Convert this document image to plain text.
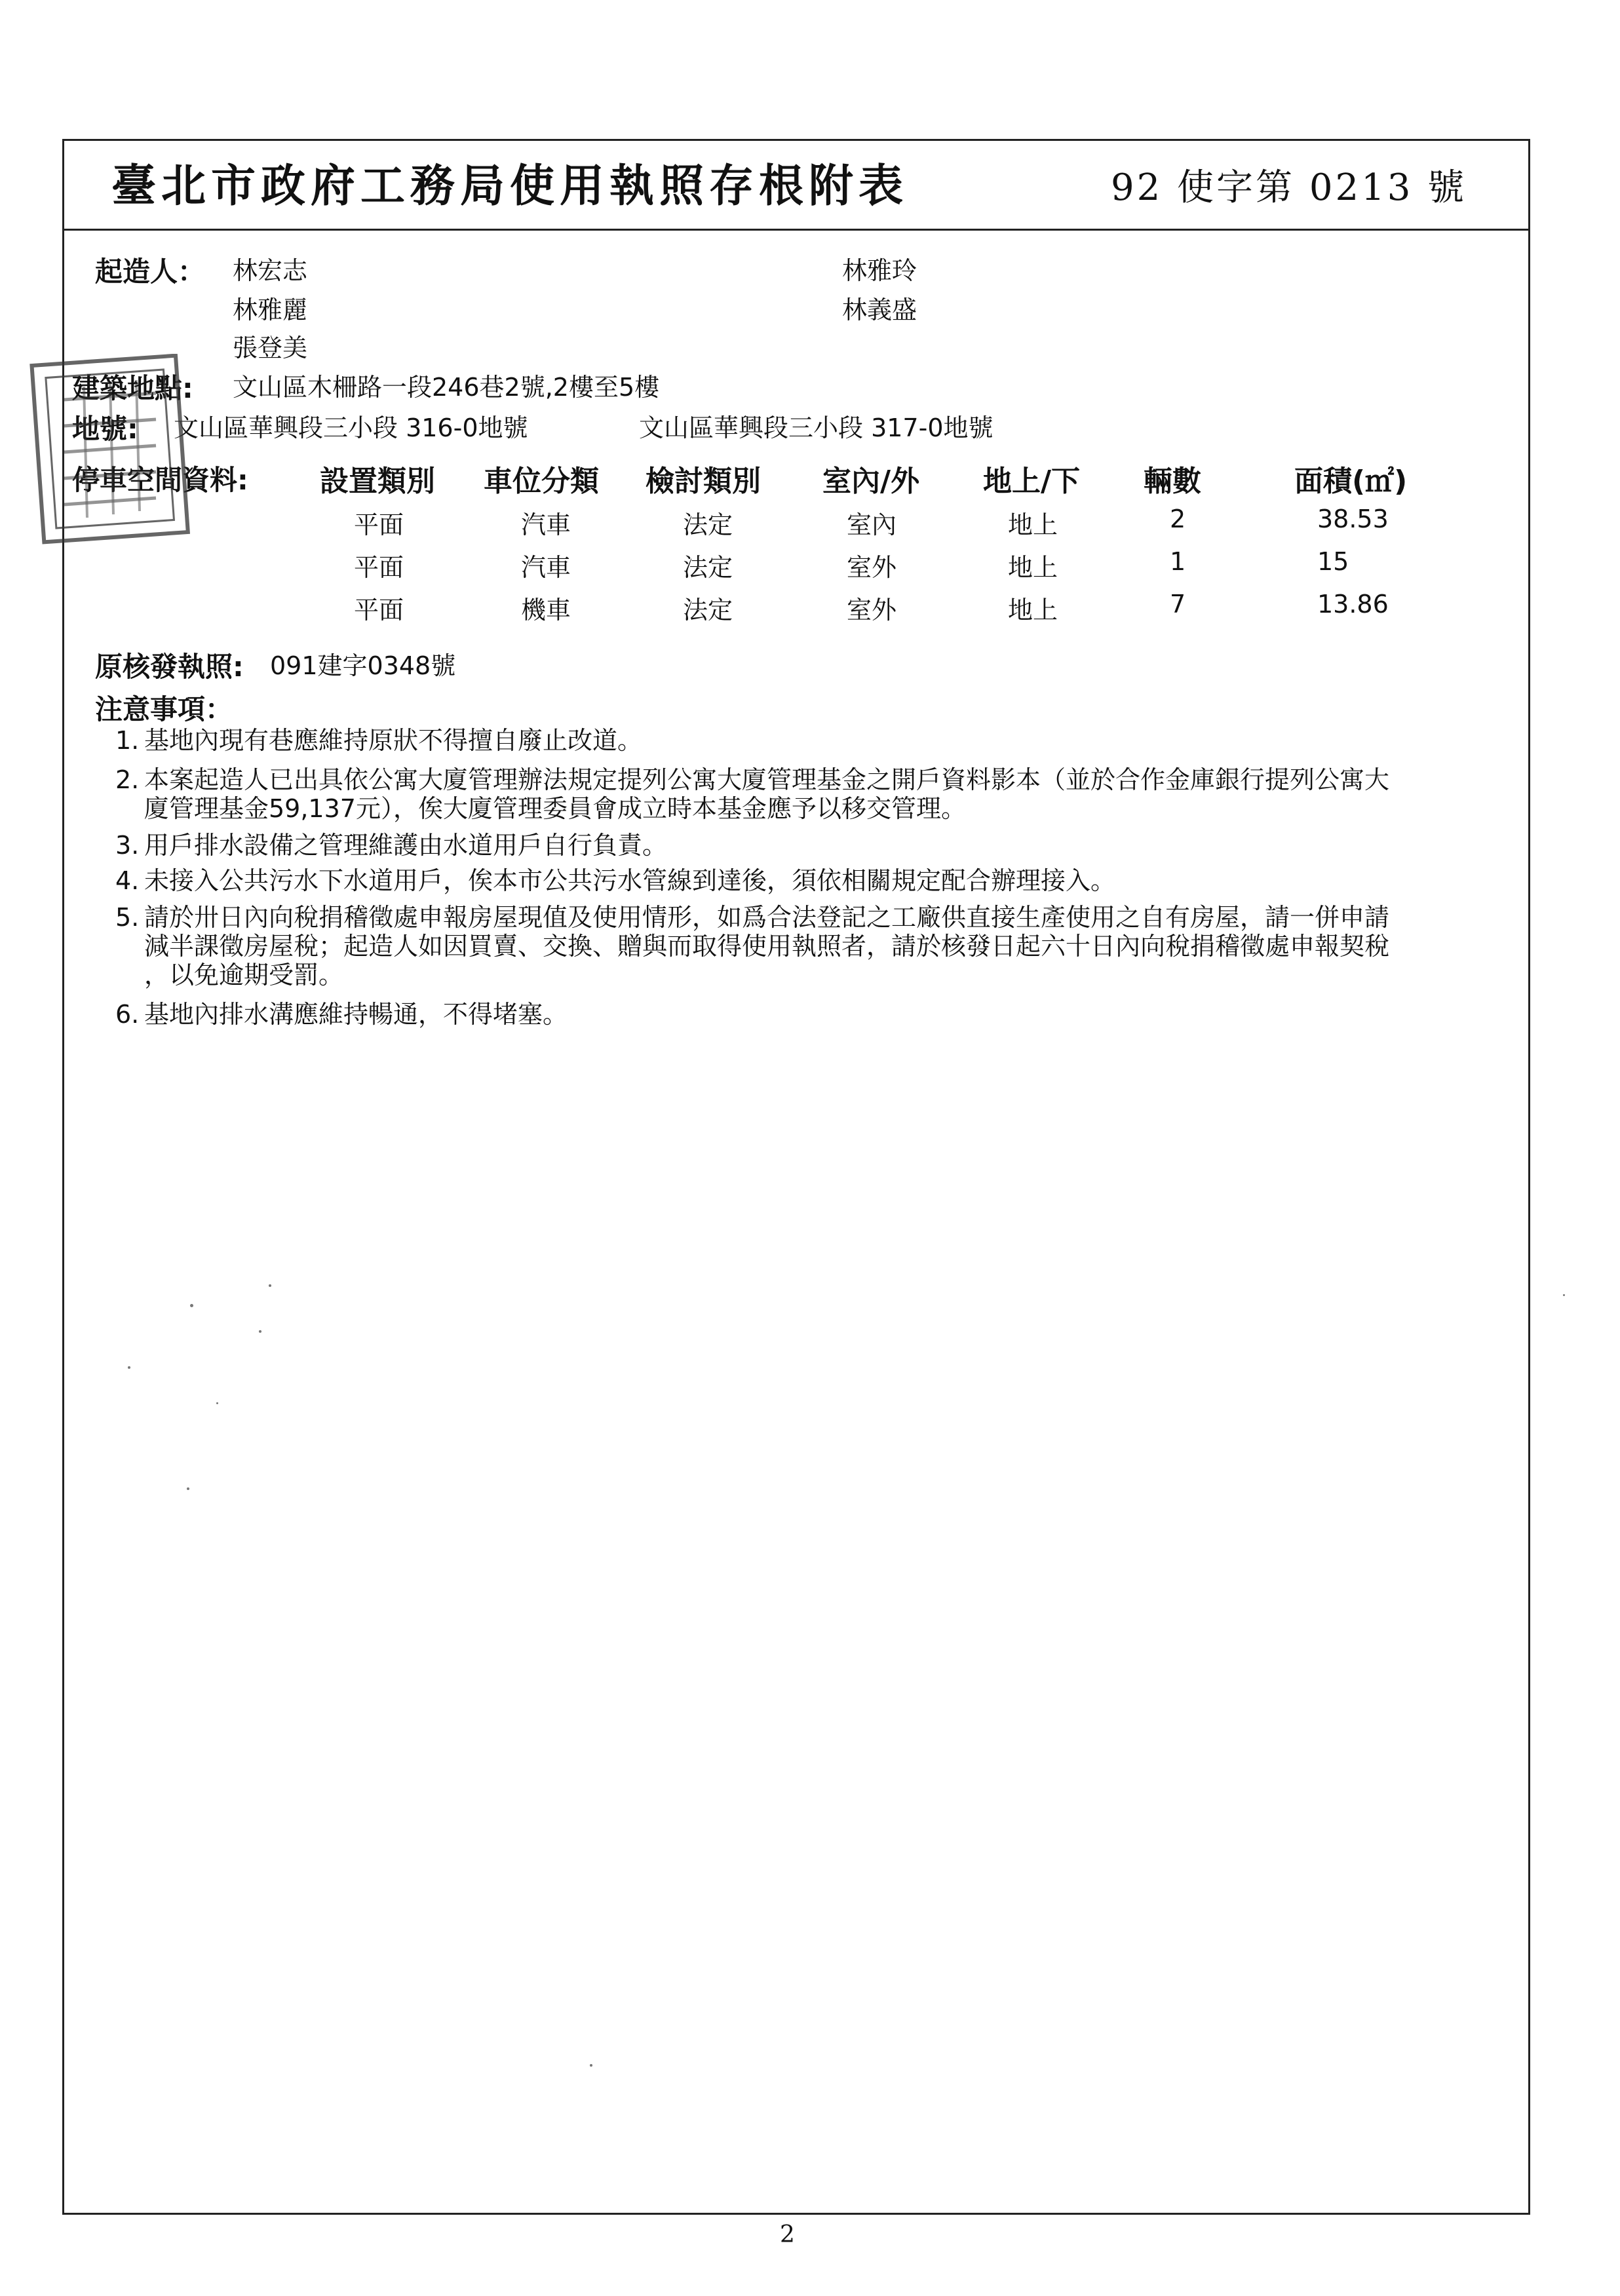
臺北市政府工務局使用執照存根附表	92 使字第 0213 號
起造人： 林宏志	林雅玲
林雅麗	林義盛
張登美
建築地點: 文山區木柵路一段246巷2號,2樓至5樓
地號: 文山區華興段三小段 316-0地號	文山區華興段三小段 317-0地號
停車空間資料: 設置類別 車位分類 檢討類別 室內/外 地上/下 輛數	面積(㎡)
平面	汽車	法定	室內	地上	2	38.53
平面	汽車	法定	室外	地上	1	15
平面	機車	法定	室外	地上	7	13.86
原核發執照: 091建字0348號
注意事項：
1. 基地內現有巷應維持原狀不得擅自廢止改道。
2. 本案起造人已出具依公寓大廈管理辦法規定提列公寓大廈管理基金之開戶資料影本（並於合作金庫銀行提列公寓大
廈管理基金59,137元），俟大廈管理委員會成立時本基金應予以移交管理。
3. 用戶排水設備之管理維護由水道用戶自行負責。
4. 未接入公共污水下水道用戶，俟本市公共污水管線到達後，須依相關規定配合辦理接入。
5. 請於卅日內向稅捐稽徵處申報房屋現值及使用情形，如爲合法登記之工廠供直接生產使用之自有房屋，請一併申請
減半課徵房屋稅；起造人如因買賣、交換、贈與而取得使用執照者，請於核發日起六十日內向稅捐稽徵處申報契稅
，以免逾期受罰。
6. 基地內排水溝應維持暢通，不得堵塞。
2
